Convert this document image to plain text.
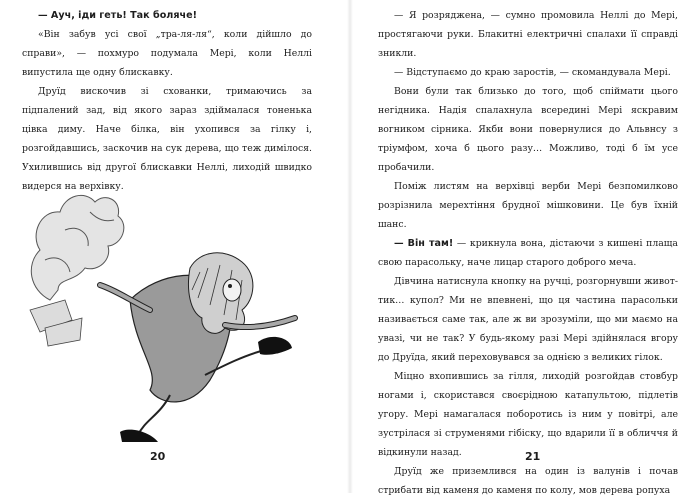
— Ауч, іди геть! Так боляче!

«Він забув усі свої „тра-ля-ля“, коли дійшло до справи», — похмуро подумала Мері, коли Неллі випустила ще одну блискавку.

Друїд вискочив зі схованки, тримаючись за підпалений зад, від якого зараз здіймалася тоненька цівка диму. Наче білка, він ухопився за гілку і, розгойдавшись, заскочив на сук дерева, що теж димілося. Ухилившись від другої блискавки Неллі, лиходій швидко видерся на верхівку.

20

— Я розряджена, — сумно промовила Неллі до Мері, простягаючи руки. Блакитні електричні спалахи її справді зникли.

— Відступаємо до краю заростів, — скомандувала Мері.

Вони були так близько до того, щоб спіймати цього негідника. Надія спалахнула всередині Мері яскравим вогником сірника. Якби вони повернулися до Альвнсу з тріумфом, хоча б цього разу… Можливо, тоді б їм усе пробачили.

Поміж листям на верхівці верби Мері безпомилково розрізнила мерехтіння брудної мішковини. Це був їхній шанс.

— Він там! — крикнула вона, дістаючи з кишені плаща свою парасольку, наче лицар старого доброго меча.

Дівчина натиснула кнопку на ручці, розгорнувши животтик… купол? Ми не впевнені, що ця частина парасольки називається саме так, але ж ви зрозуміли, що ми маємо на увазі, чи не так? У будь-якому разі Мері здійнялася вгору до Друїда, який переховувався за однією з великих гілок.

Міцно вхопившись за гілля, лиходій розгойдав стовбур ногами і, скористався своєрідною катапультою, підлетів угору. Мері намагалася поборотись із ним у повітрі, але зустрілася зі струменями гібіску, що вдарили її в обличчя й відкинули назад.

Друїд же приземлився на один із валунів і почав стрибати від каменя до каменя по колу, мов дерева ропуха

21
